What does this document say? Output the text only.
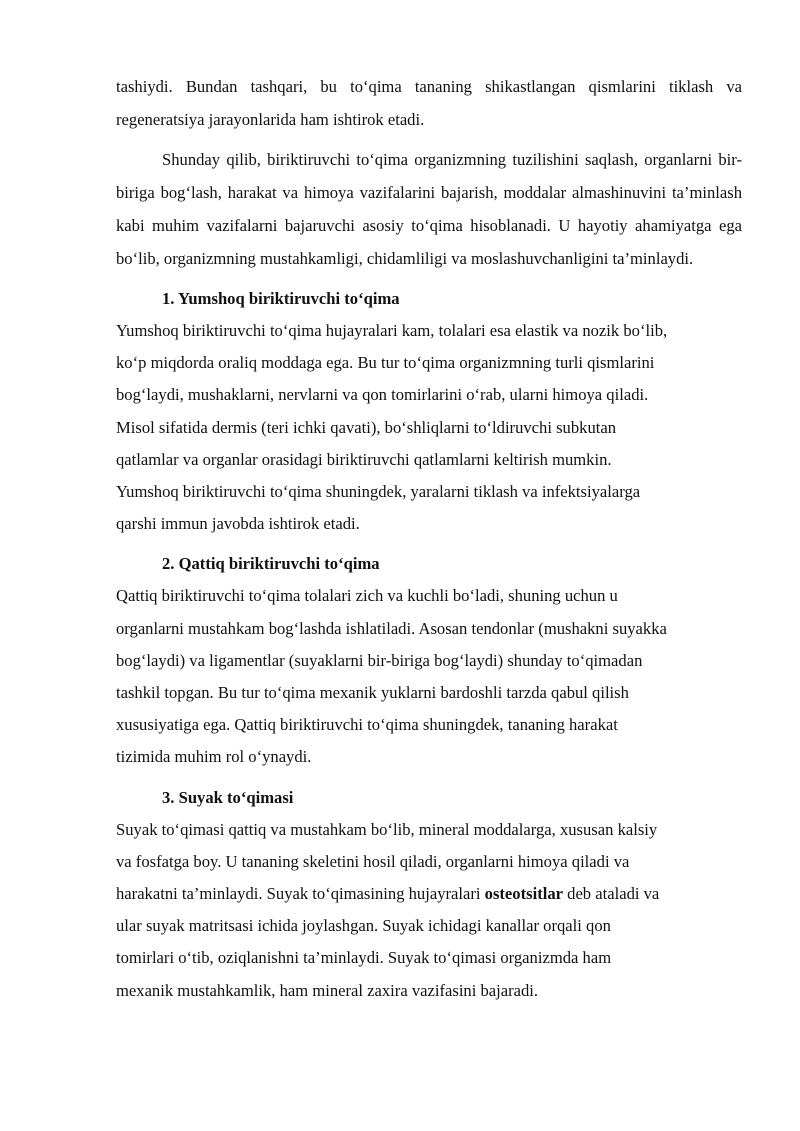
tashiydi. Bundan tashqari, bu to‘qima tananing shikastlangan qismlarini tiklash va regeneratsiya jarayonlarida ham ishtirok etadi.

Shunday qilib, biriktiruvchi to‘qima organizmning tuzilishini saqlash, organlarni bir-biriga bog‘lash, harakat va himoya vazifalarini bajarish, moddalar almashinuvini ta’minlash kabi muhim vazifalarni bajaruvchi asosiy to‘qima hisoblanadi. U hayotiy ahamiyatga ega bo‘lib, organizmning mustahkamligi, chidamliligi va moslashuvchanligini ta’minlaydi.

1. Yumshoq biriktiruvchi to‘qima
Yumshoq biriktiruvchi to‘qima hujayralari kam, tolalari esa elastik va nozik bo‘lib,
ko‘p miqdorda oraliq moddaga ega. Bu tur to‘qima organizmning turli qismlarini
bog‘laydi, mushaklarni, nervlarni va qon tomirlarini o‘rab, ularni himoya qiladi.
Misol sifatida dermis (teri ichki qavati), bo‘shliqlarni to‘ldiruvchi subkutan
qatlamlar va organlar orasidagi biriktiruvchi qatlamlarni keltirish mumkin.
Yumshoq biriktiruvchi to‘qima shuningdek, yaralarni tiklash va infektsiyalarga
qarshi immun javobda ishtirok etadi.
2. Qattiq biriktiruvchi to‘qima
Qattiq biriktiruvchi to‘qima tolalari zich va kuchli bo‘ladi, shuning uchun u
organlarni mustahkam bog‘lashda ishlatiladi. Asosan tendonlar (mushakni suyakka
bog‘laydi) va ligamentlar (suyaklarni bir-biriga bog‘laydi) shunday to‘qimadan
tashkil topgan. Bu tur to‘qima mexanik yuklarni bardoshli tarzda qabul qilish
xususiyatiga ega. Qattiq biriktiruvchi to‘qima shuningdek, tananing harakat
tizimida muhim rol o‘ynaydi.
3. Suyak to‘qimasi
Suyak to‘qimasi qattiq va mustahkam bo‘lib, mineral moddalarga, xususan kalsiy
va fosfatga boy. U tananing skeletini hosil qiladi, organlarni himoya qiladi va
harakatni ta’minlaydi. Suyak to‘qimasining hujayralari osteotsitlar deb ataladi va
ular suyak matritsasi ichida joylashgan. Suyak ichidagi kanallar orqali qon
tomirlari o‘tib, oziqlanishni ta’minlaydi. Suyak to‘qimasi organizmda ham
mexanik mustahkamlik, ham mineral zaxira vazifasini bajaradi.
